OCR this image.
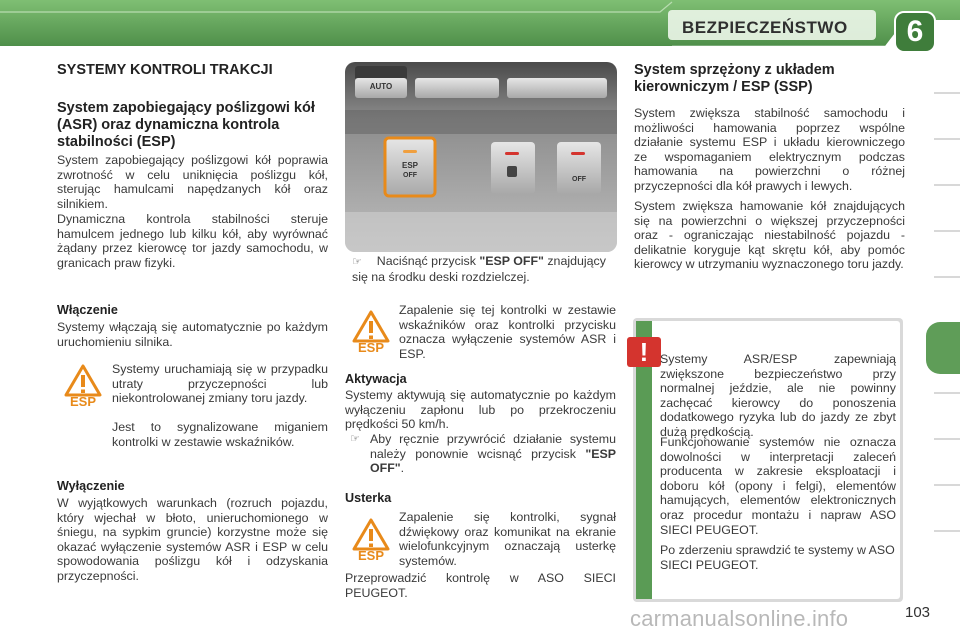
BEZPIECZEŃSTWO	6
SYSTEMY KONTROLI TRAKCJI
System zapobiegający poślizgowi kół (ASR) oraz dynamiczna kontrola stabilności (ESP)
System zapobiegający poślizgowi kół poprawia zwrotność w celu uniknięcia poślizgu kół, sterując hamulcami napędzanych kół oraz silnikiem.
Dynamiczna kontrola stabilności steruje hamulcem jednego lub kilku kół, aby wyrównać żądany przez kierowcę tor jazdy samochodu, w granicach praw fizyki.
Włączenie
Systemy włączają się automatycznie po każdym uruchomieniu silnika.
ESP
Systemy uruchamiają się w przypadku utraty przyczepności lub niekontrolowanej zmiany toru jazdy.
Jest to sygnalizowane miganiem kontrolki w zestawie wskaźników.
Wyłączenie
W wyjątkowych warunkach (rozruch pojazdu, który wjechał w błoto, unieruchomionego w śniegu, na sypkim gruncie) korzystne może się okazać wyłączenie systemów ASR i ESP w celu spowodowania poślizgu kół i odzyskania przyczepności.
AUTO
ESP
OFF
OFF
☞ Naciśnąć przycisk "ESP OFF" znajdujący się na środku deski rozdzielczej.
ESP
Zapalenie się tej kontrolki w zestawie wskaźników oraz kontrolki przycisku oznacza wyłączenie systemów ASR i ESP.
Aktywacja
Systemy aktywują się automatycznie po każdym wyłączeniu zapłonu lub po przekroczeniu prędkości 50 km/h.
☞ Aby ręcznie przywrócić działanie systemu należy ponownie wcisnąć przycisk "ESP OFF".
Usterka
ESP
Zapalenie się kontrolki, sygnał dźwiękowy oraz komunikat na ekranie wielofunkcyjnym oznaczają usterkę systemów.
Przeprowadzić kontrolę w ASO SIECI PEUGEOT.
System sprzężony z układem kierowniczym / ESP (SSP)
System zwiększa stabilność samochodu i możliwości hamowania poprzez wspólne działanie systemu ESP i układu kierowniczego ze wspomaganiem elektrycznym podczas hamowania na powierzchni o różnej przyczepności dla kół prawych i lewych.
System zwiększa hamowanie kół znajdujących się na powierzchni o większej przyczepności oraz - ograniczając niestabilność pojazdu - delikatnie koryguje kąt skrętu kół, aby pomóc kierowcy w utrzymaniu wyznaczonego toru jazdy.
! Systemy ASR/ESP zapewniają zwiększone bezpieczeństwo przy normalnej jeździe, ale nie powinny zachęcać kierowcy do ponoszenia dodatkowego ryzyka lub do jazdy ze zbyt dużą prędkością.
Funkcjonowanie systemów nie oznacza dowolności w interpretacji zaleceń producenta w zakresie eksploatacji i doboru kół (opony i felgi), elementów hamujących, elementów elektronicznych oraz procedur montażu i napraw ASO SIECI PEUGEOT.
Po zderzeniu sprawdzić te systemy w ASO SIECI PEUGEOT.
carmanualsonline.info	103
